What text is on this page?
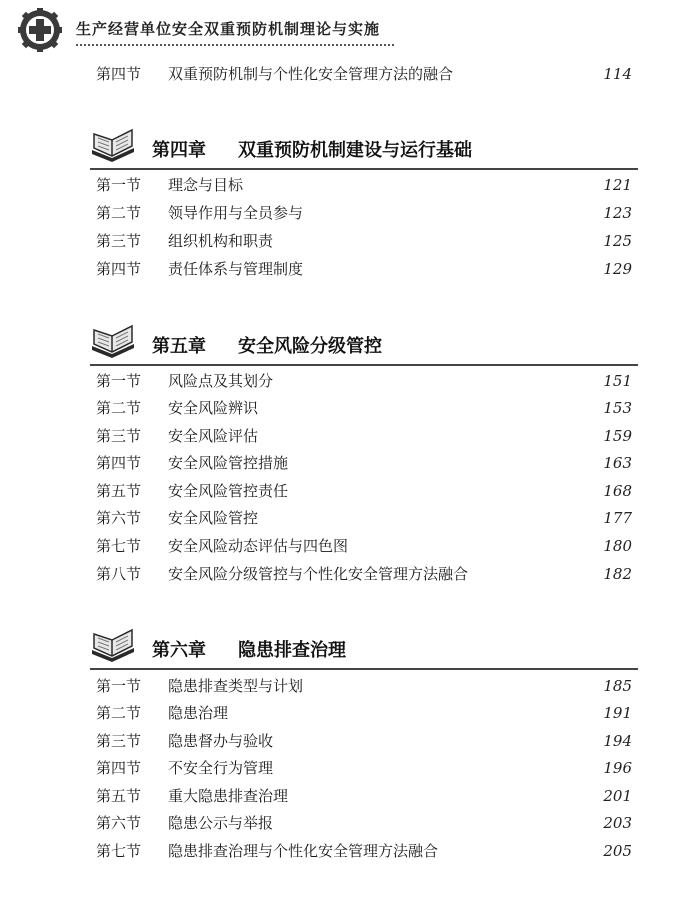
生产经营单位安全双重预防机制理论与实施
第四节	双重预防机制与个性化安全管理方法的融合	114
第四章 双重预防机制建设与运行基础
第一节	理念与目标	121
第二节	领导作用与全员参与	123
第三节	组织机构和职责	125
第四节	责任体系与管理制度	129
第五章 安全风险分级管控
第一节	风险点及其划分	151
第二节	安全风险辨识	153
第三节	安全风险评估	159
第四节	安全风险管控措施	163
第五节	安全风险管控责任	168
第六节	安全风险管控	177
第七节	安全风险动态评估与四色图	180
第八节	安全风险分级管控与个性化安全管理方法融合	182
第六章 隐患排查治理
第一节	隐患排查类型与计划	185
第二节	隐患治理	191
第三节	隐患督办与验收	194
第四节	不安全行为管理	196
第五节	重大隐患排查治理	201
第六节	隐患公示与举报	203
第七节	隐患排查治理与个性化安全管理方法融合	205
